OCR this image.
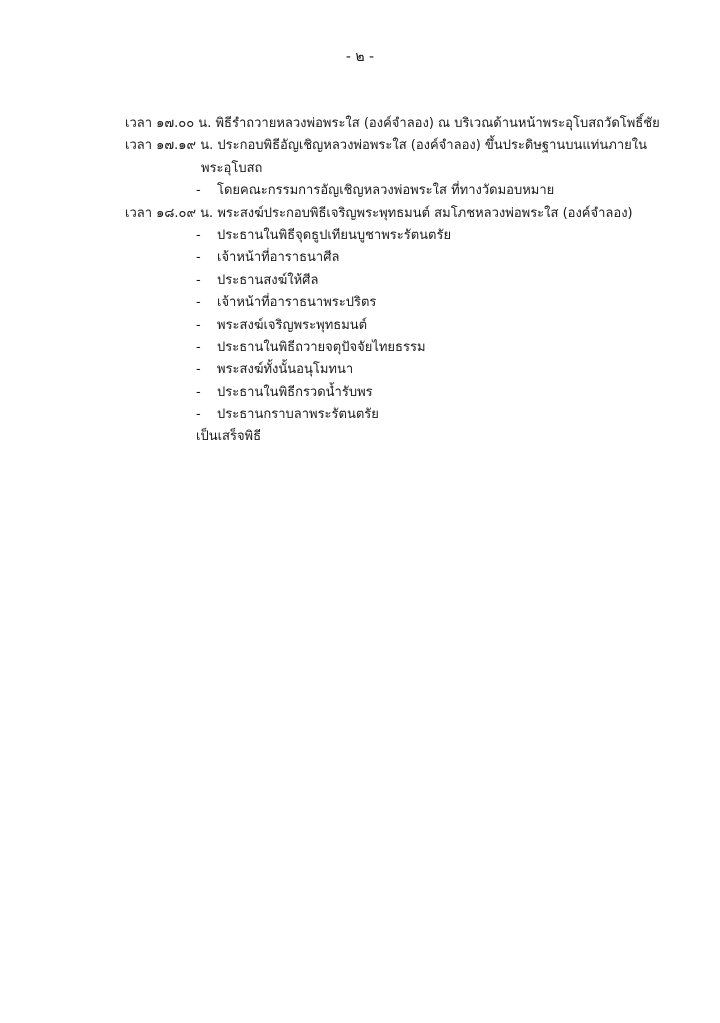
- ๒ -
เวลา ๑๗.๐๐ น. พิธีรำถวายหลวงพ่อพระใส (องค์จำลอง) ณ บริเวณด้านหน้าพระอุโบสถวัดโพธิ์ชัย
เวลา ๑๗.๑๙ น. ประกอบพิธีอัญเชิญหลวงพ่อพระใส (องค์จำลอง) ขึ้นประดิษฐานบนแท่นภายใน
พระอุโบสถ
- โดยคณะกรรมการอัญเชิญหลวงพ่อพระใส ที่ทางวัดมอบหมาย
เวลา ๑๘.๐๙ น. พระสงฆ์ประกอบพิธีเจริญพระพุทธมนต์ สมโภชหลวงพ่อพระใส (องค์จำลอง)
- ประธานในพิธีจุดธูปเทียนบูชาพระรัตนตรัย
- เจ้าหน้าที่อาราธนาศีล
- ประธานสงฆ์ให้ศีล
- เจ้าหน้าที่อาราธนาพระปริตร
- พระสงฆ์เจริญพระพุทธมนต์
- ประธานในพิธีถวายจตุปัจจัยไทยธรรม
- พระสงฆ์ทั้งนั้นอนุโมทนา
- ประธานในพิธีกรวดน้ำรับพร
- ประธานกราบลาพระรัตนตรัย
เป็นเสร็จพิธี
